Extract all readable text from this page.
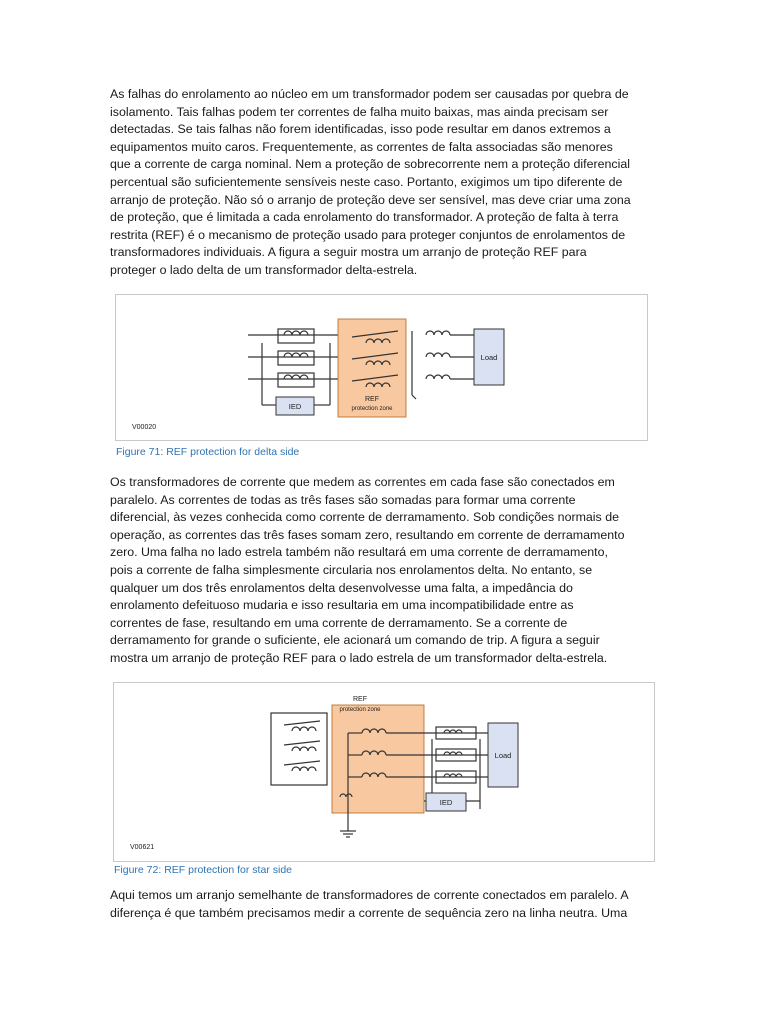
As falhas do enrolamento ao núcleo em um transformador podem ser causadas por quebra de
isolamento. Tais falhas podem ter correntes de falha muito baixas, mas ainda precisam ser
detectadas. Se tais falhas não forem identificadas, isso pode resultar em danos extremos a
equipamentos muito caros. Frequentemente, as correntes de falta associadas são menores
que a corrente de carga nominal. Nem a proteção de sobrecorrente nem a proteção diferencial
percentual são suficientemente sensíveis neste caso. Portanto, exigimos um tipo diferente de
arranjo de proteção. Não só o arranjo de proteção deve ser sensível, mas deve criar uma zona
de proteção, que é limitada a cada enrolamento do transformador. A proteção de falta à terra
restrita (REF) é o mecanismo de proteção usado para proteger conjuntos de enrolamentos de
transformadores individuais. A figura a seguir mostra um arranjo de proteção REF para
proteger o lado delta de um transformador delta-estrela.

IED
REF
protection zone
Load
V00020
Figure 71: REF protection for delta side

Os transformadores de corrente que medem as correntes em cada fase são conectados em
paralelo. As correntes de todas as três fases são somadas para formar uma corrente
diferencial, às vezes conhecida como corrente de derramamento. Sob condições normais de
operação, as correntes das três fases somam zero, resultando em corrente de derramamento
zero. Uma falha no lado estrela também não resultará em uma corrente de derramamento,
pois a corrente de falha simplesmente circularia nos enrolamentos delta. No entanto, se
qualquer um dos três enrolamentos delta desenvolvesse uma falta, a impedância do
enrolamento defeituoso mudaria e isso resultaria em uma incompatibilidade entre as
correntes de fase, resultando em uma corrente de derramamento. Se a corrente de
derramamento for grande o suficiente, ele acionará um comando de trip. A figura a seguir
mostra um arranjo de proteção REF para o lado estrela de um transformador delta-estrela.

REF
protection zone
IED
Load
V00621
Figure 72: REF protection for star side

Aqui temos um arranjo semelhante de transformadores de corrente conectados em paralelo. A
diferença é que também precisamos medir a corrente de sequência zero na linha neutra. Uma
